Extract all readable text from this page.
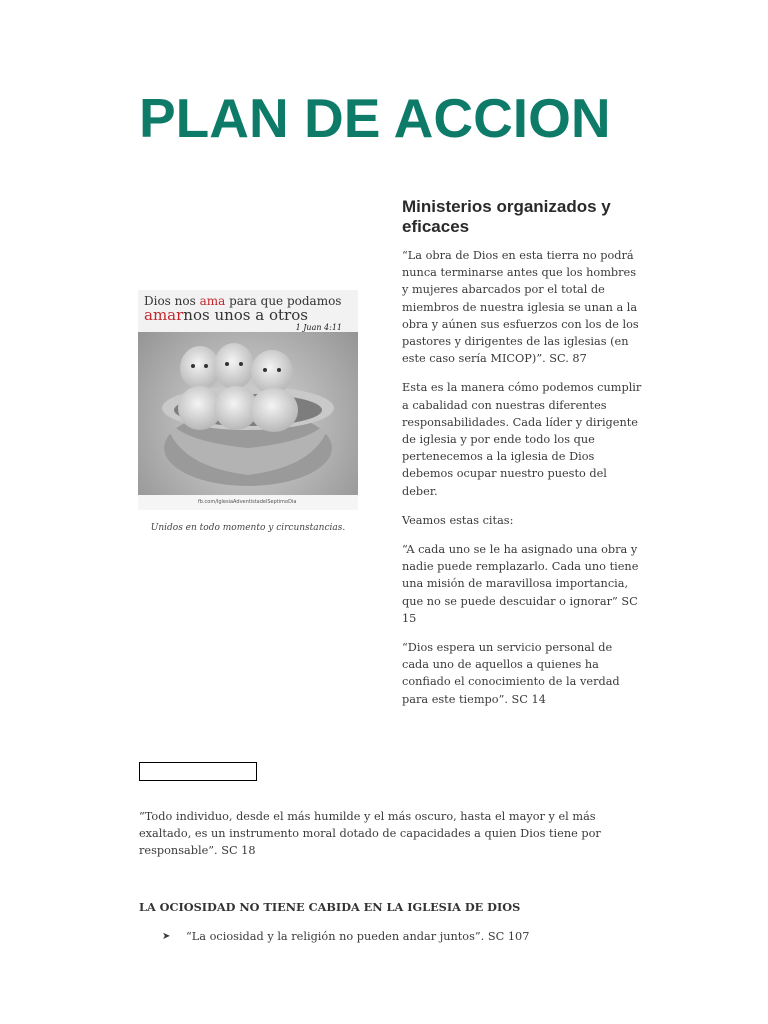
PLAN DE ACCION
Dios nos ama para que podamos
amarnos unos a otros
1 Juan 4:11
fb.com/IglesiaAdventistadelSeptimoDia
Unidos en todo momento y circunstancias.
Ministerios organizados y eficaces

“La obra de Dios en esta tierra no podrá nunca terminarse antes que los hombres y mujeres abarcados por el total de miembros de nuestra iglesia se unan a la obra y aúnen sus esfuerzos con los de los pastores y dirigentes de las iglesias (en este caso sería MICOP)”. SC. 87

Esta es la manera cómo podemos cumplir a cabalidad con nuestras diferentes responsabilidades. Cada líder y dirigente de iglesia y por ende todo los que pertenecemos a la iglesia de Dios debemos ocupar nuestro puesto del deber.

Veamos estas citas:

“A cada uno se le ha asignado una obra y nadie puede remplazarlo. Cada uno tiene una misión de maravillosa importancia, que no se puede descuidar o ignorar” SC 15

“Dios espera un servicio personal de cada uno de aquellos a quienes ha confiado el conocimiento de la verdad para este tiempo”. SC 14

“Todo individuo, desde el más humilde y el más oscuro, hasta el mayor y el más exaltado, es un instrumento moral dotado de capacidades a quien Dios tiene por responsable”. SC 18

LA OCIOSIDAD NO TIENE CABIDA EN LA IGLESIA DE DIOS

➤	“La ociosidad y la religión no pueden andar juntos”. SC 107
